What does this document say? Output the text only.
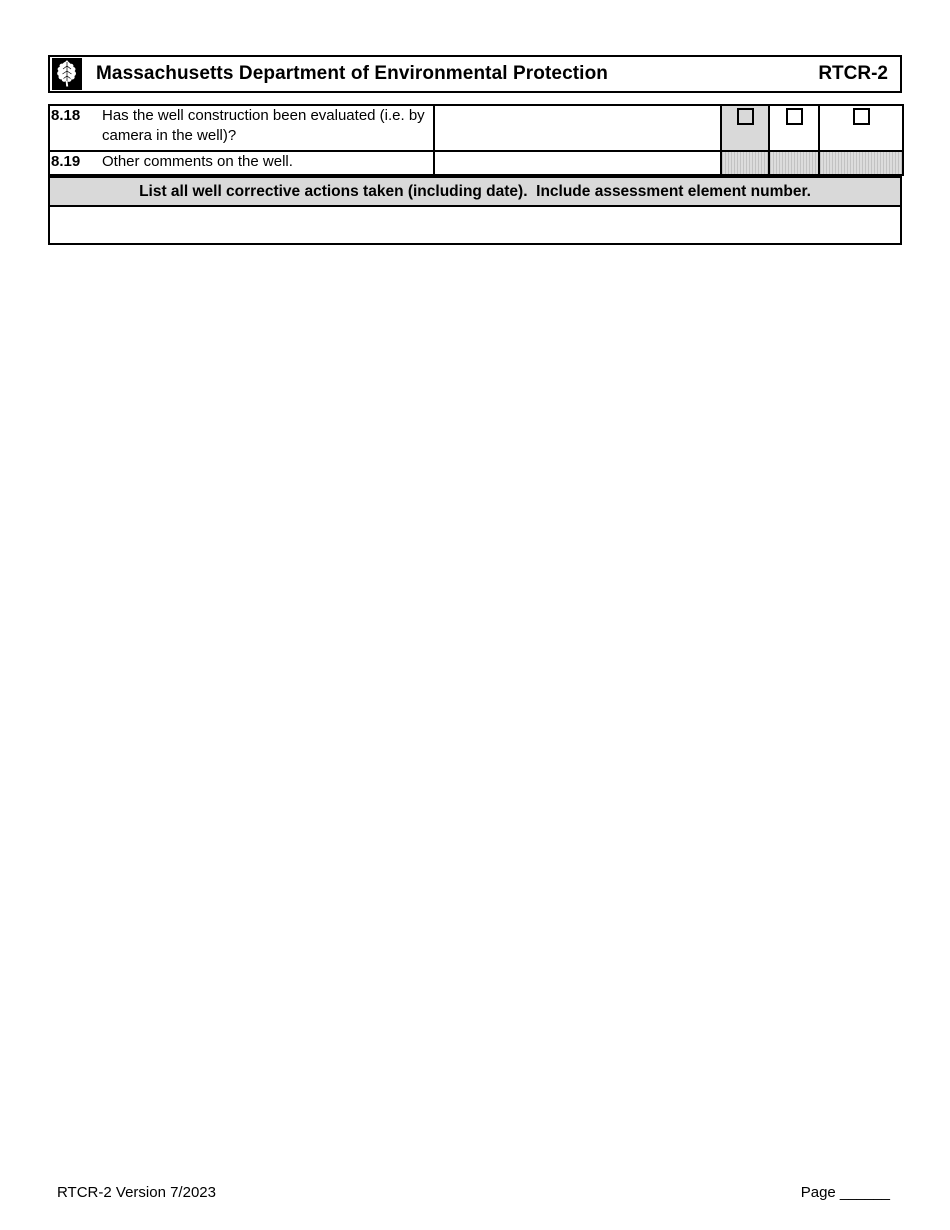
Massachusetts Department of Environmental Protection	RTCR-2
8.18 Has the well construction been evaluated (i.e. by camera in the well)?				

8.19 Other comments on the well.				

List all well corrective actions taken (including date).  Include assessment element number.
RTCR-2 Version 7/2023	Page ______
